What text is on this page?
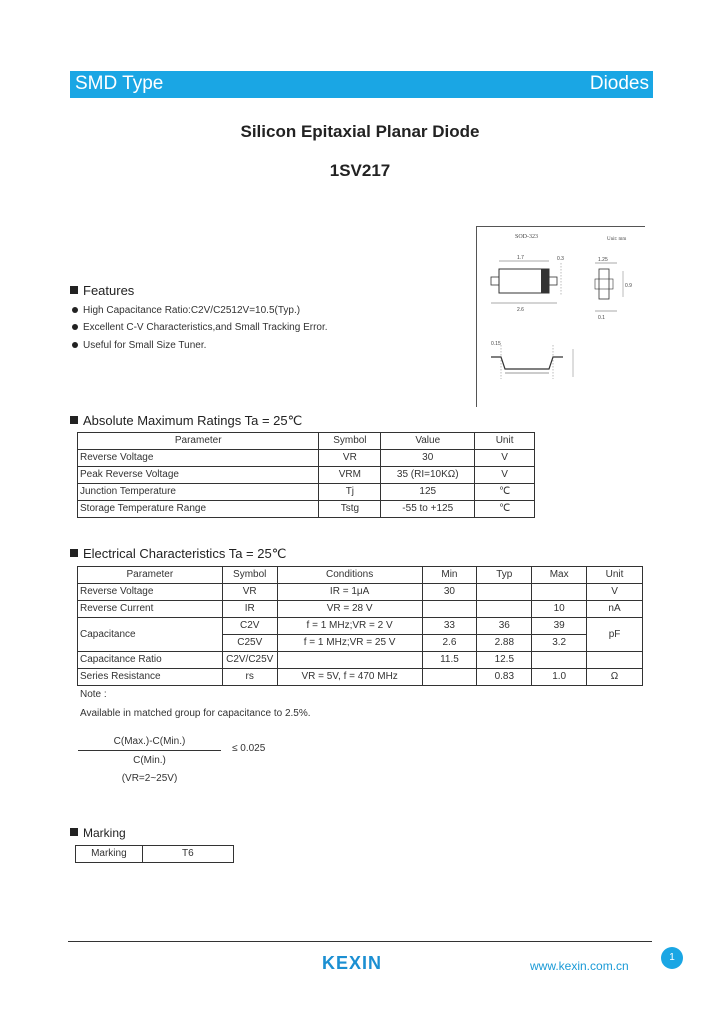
SMD Type	Diodes
Silicon Epitaxial Planar Diode
1SV217
SOD-323	Unit: mm
1.7
2.6
0.3	1.25
0.9
0.1
0.15
Features
High Capacitance Ratio:C2V/C2512V=10.5(Typ.)
Excellent C-V Characteristics,and Small Tracking Error.
Useful for Small Size Tuner.
Absolute Maximum Ratings Ta = 25℃
Parameter	Symbol	Value	Unit
Reverse Voltage	VR	30	V
Peak Reverse Voltage	VRM	35 (RI=10KΩ)	V
Junction Temperature	Tj	125	℃
Storage Temperature Range	Tstg	-55 to +125	℃
Electrical Characteristics Ta = 25℃
Parameter	Symbol	Conditions	Min	Typ	Max	Unit
Reverse Voltage	VR	IR = 1μA	30			V
Reverse Current	IR	VR = 28 V			10	nA
Capacitance	C2V	f = 1 MHz;VR = 2 V	33	36	39	pF
	C25V	f = 1 MHz;VR = 25 V	2.6	2.88	3.2	
Capacitance Ratio	C2V/C25V		11.5	12.5		
Series Resistance	rs	VR = 5V, f = 470 MHz		0.83	1.0	Ω
Note :
Available in matched group for capacitance to 2.5%.
C(Max.)-C(Min.)
≤ 0.025
C(Min.)
(VR=2~25V)
Marking
Marking	T6
KEXIN	www.kexin.com.cn
1
